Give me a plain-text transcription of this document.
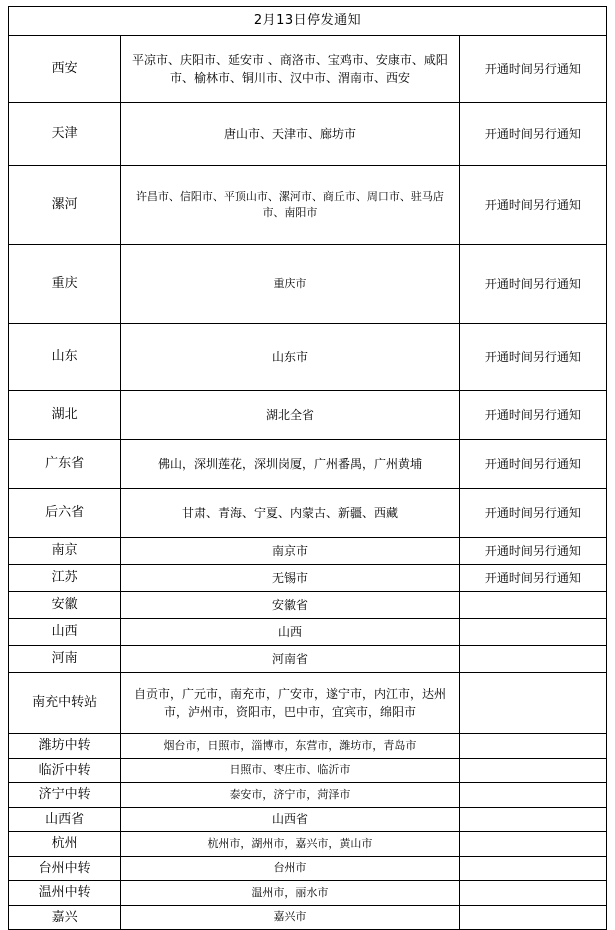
2月13日停发通知		
西安	平凉市、庆阳市、延安市 、商洛市、宝鸡市、安康市、咸阳市、榆林市、铜川市、汉中市、渭南市、西安	开通时间另行通知
天津	唐山市、天津市、廊坊市	开通时间另行通知
漯河	许昌市、信阳市、平顶山市、漯河市、商丘市、周口市、驻马店市、南阳市	开通时间另行通知
重庆	重庆市	开通时间另行通知
山东	山东市	开通时间另行通知
湖北	湖北全省	开通时间另行通知
广东省	佛山，深圳莲花，深圳岗厦，广州番禺，广州黄埔	开通时间另行通知
后六省	甘肃、青海、宁夏、内蒙古、新疆、西藏	开通时间另行通知
南京	南京市	开通时间另行通知
江苏	无锡市	开通时间另行通知
安徽	安徽省	
山西	山西	
河南	河南省	
南充中转站	自贡市，广元市，南充市，广安市，遂宁市，内江市，达州市，泸州市，资阳市，巴中市，宜宾市，绵阳市	
潍坊中转	烟台市，日照市，淄博市，东营市，潍坊市，青岛市	
临沂中转	日照市、枣庄市、临沂市	
济宁中转	泰安市，济宁市，菏泽市	
山西省	山西省	
杭州	杭州市，湖州市，嘉兴市，黄山市	
台州中转	台州市	
温州中转	温州市，丽水市	
嘉兴	嘉兴市	
